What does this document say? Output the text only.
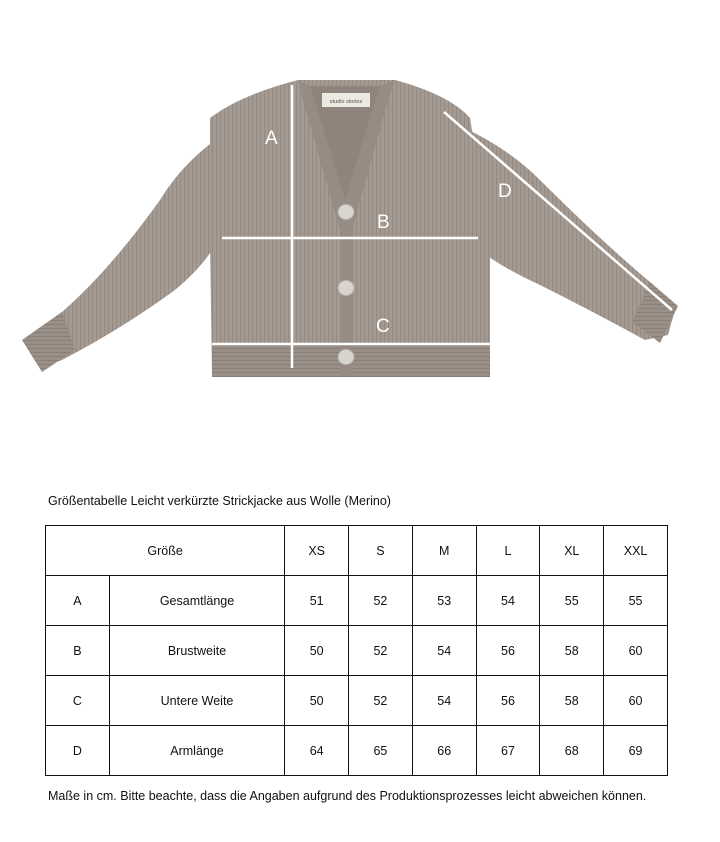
studio stories
A
B
C
D
Größentabelle Leicht verkürzte Strickjacke aus Wolle (Merino)
Größe		XS	S	M	L	XL	XXL
A	Gesamtlänge	51	52	53	54	55	55
B	Brustweite	50	52	54	56	58	60
C	Untere Weite	50	52	54	56	58	60
D	Armlänge	64	65	66	67	68	69
Maße in cm. Bitte beachte, dass die Angaben aufgrund des Produktionsprozesses leicht abweichen können.
